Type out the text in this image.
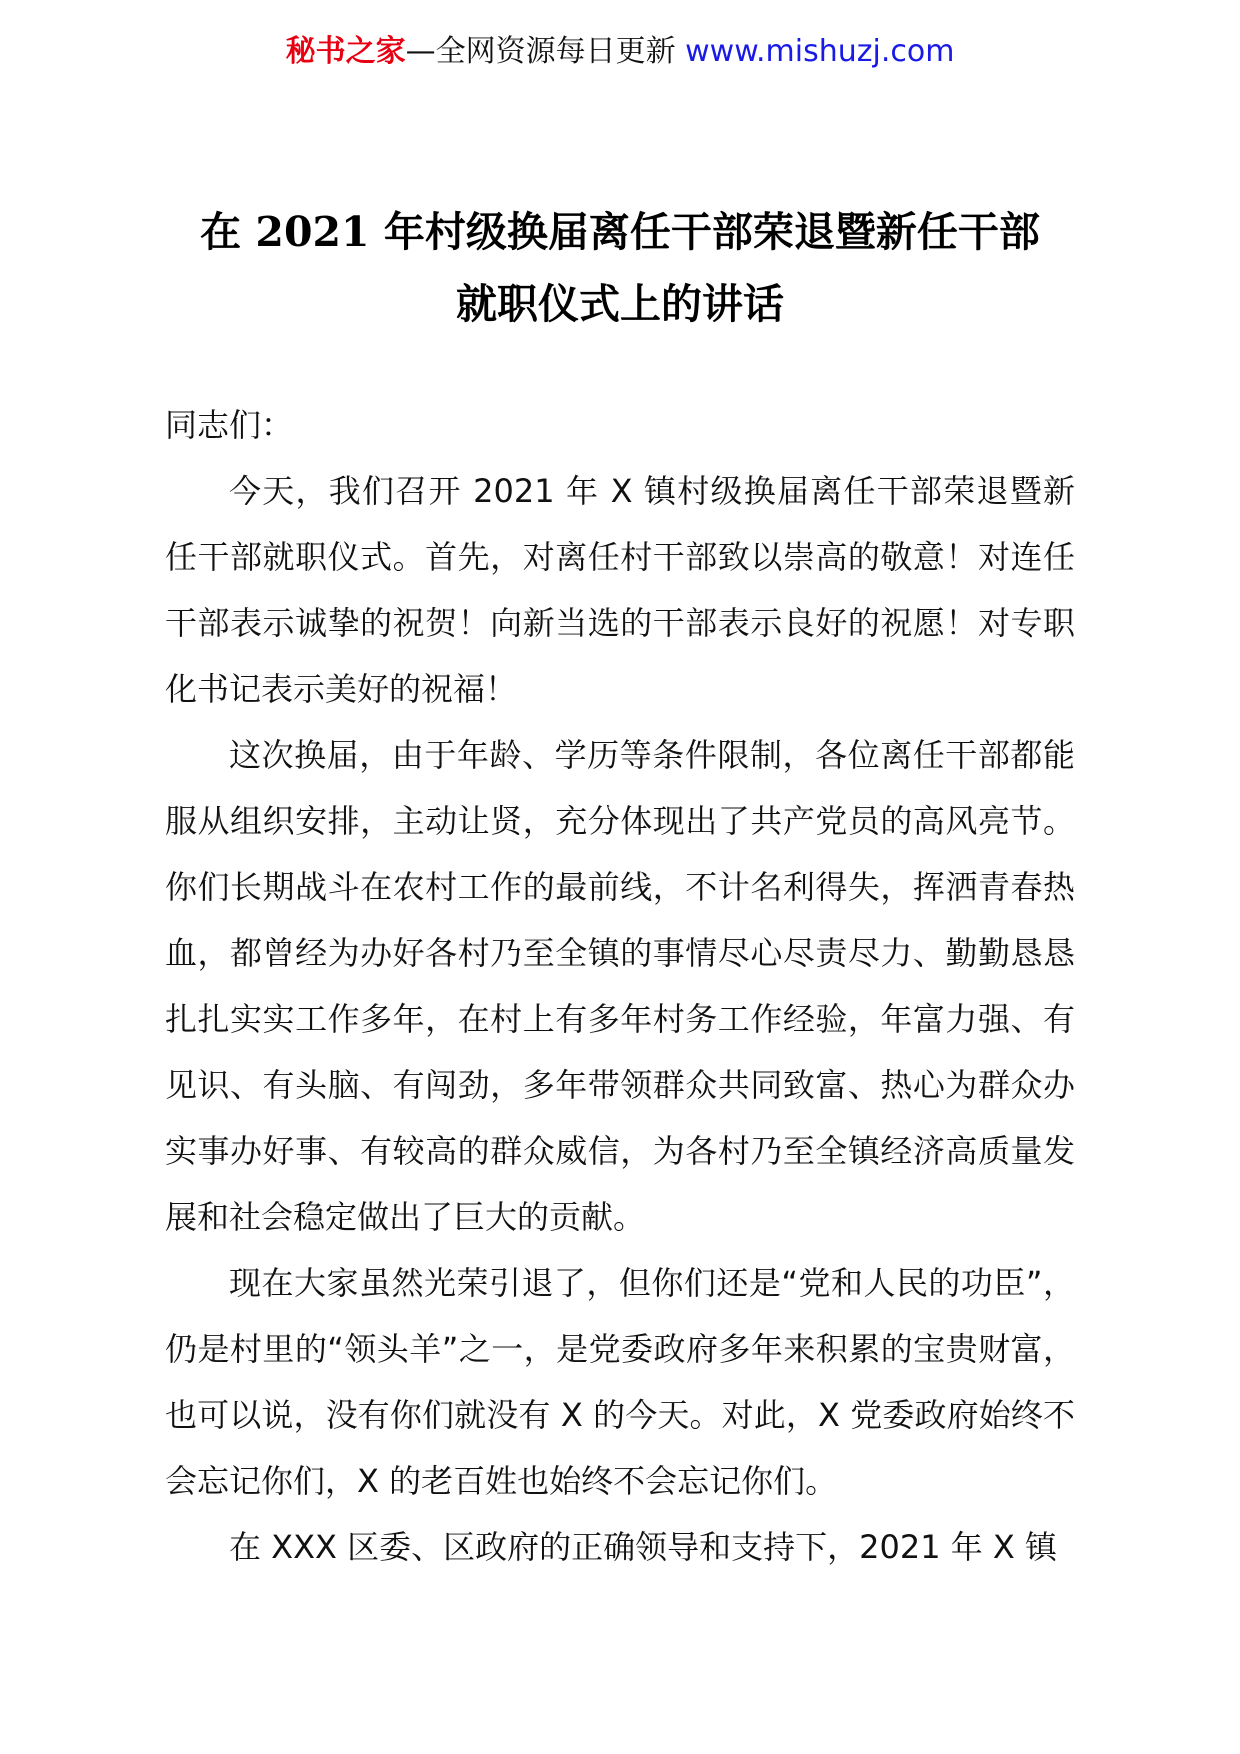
秘书之家—全网资源每日更新 www.mishuzj.com
在 2021 年村级换届离任干部荣退暨新任干部
就职仪式上的讲话

同志们：

今天，我们召开 2021 年 X 镇村级换届离任干部荣退暨新任干部就职仪式。首先，对离任村干部致以崇高的敬意！对连任干部表示诚挚的祝贺！向新当选的干部表示良好的祝愿！对专职化书记表示美好的祝福！

这次换届，由于年龄、学历等条件限制，各位离任干部都能服从组织安排，主动让贤，充分体现出了共产党员的高风亮节。你们长期战斗在农村工作的最前线，不计名利得失，挥洒青春热血，都曾经为办好各村乃至全镇的事情尽心尽责尽力、勤勤恳恳扎扎实实工作多年，在村上有多年村务工作经验，年富力强、有见识、有头脑、有闯劲，多年带领群众共同致富、热心为群众办实事办好事、有较高的群众威信，为各村乃至全镇经济高质量发展和社会稳定做出了巨大的贡献。

现在大家虽然光荣引退了，但你们还是“党和人民的功臣”，仍是村里的“领头羊”之一，是党委政府多年来积累的宝贵财富，也可以说，没有你们就没有 X 的今天。对此，X 党委政府始终不会忘记你们，X 的老百姓也始终不会忘记你们。

在 XXX 区委、区政府的正确领导和支持下，2021 年 X 镇
